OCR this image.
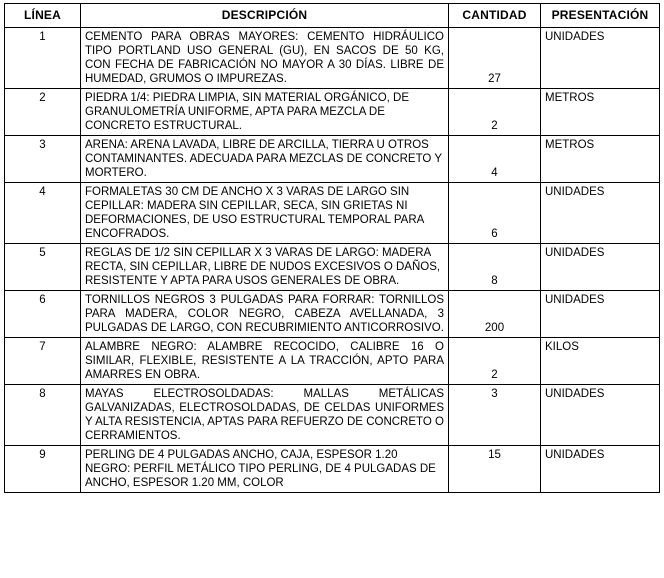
LÍNEA	DESCRIPCIÓN	CANTIDAD	PRESENTACIÓN
1	CEMENTO PARA OBRAS MAYORES: CEMENTO HIDRÁULICO TIPO PORTLAND USO GENERAL (GU), EN SACOS DE 50 KG, CON FECHA DE FABRICACIÓN NO MAYOR A 30 DÍAS. LIBRE DE HUMEDAD, GRUMOS O IMPUREZAS.	27	UNIDADES
2	PIEDRA 1/4: PIEDRA LIMPIA, SIN MATERIAL ORGÁNICO, DE GRANULOMETRÍA UNIFORME, APTA PARA MEZCLA DE CONCRETO ESTRUCTURAL.	2	METROS
3	ARENA: ARENA LAVADA, LIBRE DE ARCILLA, TIERRA U OTROS CONTAMINANTES. ADECUADA PARA MEZCLAS DE CONCRETO Y MORTERO.	4	METROS
4	FORMALETAS 30 CM DE ANCHO X 3 VARAS DE LARGO SIN CEPILLAR: MADERA SIN CEPILLAR, SECA, SIN GRIETAS NI DEFORMACIONES, DE USO ESTRUCTURAL TEMPORAL PARA ENCOFRADOS.	6	UNIDADES
5	REGLAS DE 1/2 SIN CEPILLAR X 3 VARAS DE LARGO: MADERA RECTA, SIN CEPILLAR, LIBRE DE NUDOS EXCESIVOS O DAÑOS, RESISTENTE Y APTA PARA USOS GENERALES DE OBRA.	8	UNIDADES
6	TORNILLOS NEGROS 3 PULGADAS PARA FORRAR: TORNILLOS PARA MADERA, COLOR NEGRO, CABEZA AVELLANADA, 3 PULGADAS DE LARGO, CON RECUBRIMIENTO ANTICORROSIVO.	200	UNIDADES
7	ALAMBRE NEGRO: ALAMBRE RECOCIDO, CALIBRE 16 O SIMILAR, FLEXIBLE, RESISTENTE A LA TRACCIÓN, APTO PARA AMARRES EN OBRA.	2	KILOS
8	MAYAS ELECTROSOLDADAS: MALLAS METÁLICAS GALVANIZADAS, ELECTROSOLDADAS, DE CELDAS UNIFORMES Y ALTA RESISTENCIA, APTAS PARA REFUERZO DE CONCRETO O CERRAMIENTOS.	3	UNIDADES
9	PERLING DE 4 PULGADAS ANCHO, CAJA, ESPESOR 1.20 NEGRO: PERFIL METÁLICO TIPO PERLING, DE 4 PULGADAS DE ANCHO, ESPESOR 1.20 MM, COLOR	15	UNIDADES
